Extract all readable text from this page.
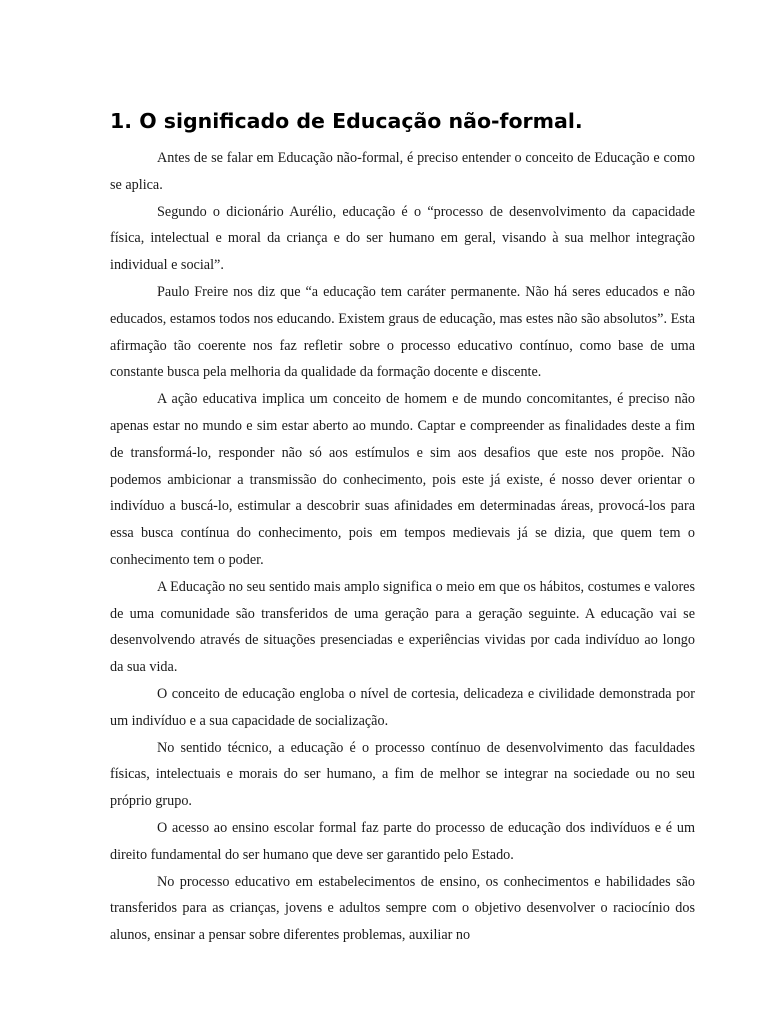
1. O significado de Educação não-formal.

Antes de se falar em Educação não-formal, é preciso entender o conceito de Educação e como se aplica.

Segundo o dicionário Aurélio, educação é o “processo de desenvolvimento da capacidade física, intelectual e moral da criança e do ser humano em geral, visando à sua melhor integração individual e social”.

Paulo Freire nos diz que “a educação tem caráter permanente. Não há seres educados e não educados, estamos todos nos educando. Existem graus de educação, mas estes não são absolutos”. Esta afirmação tão coerente nos faz refletir sobre o processo educativo contínuo, como base de uma constante busca pela melhoria da qualidade da formação docente e discente.

A ação educativa implica um conceito de homem e de mundo concomitantes, é preciso não apenas estar no mundo e sim estar aberto ao mundo. Captar e compreender as finalidades deste a fim de transformá-lo, responder não só aos estímulos e sim aos desafios que este nos propõe. Não podemos ambicionar a transmissão do conhecimento, pois este já existe, é nosso dever orientar o indivíduo a buscá-lo, estimular a descobrir suas afinidades em determinadas áreas, provocá-los para essa busca contínua do conhecimento, pois em tempos medievais já se dizia, que quem tem o conhecimento tem o poder.

A Educação no seu sentido mais amplo significa o meio em que os hábitos, costumes e valores de uma comunidade são transferidos de uma geração para a geração seguinte. A educação vai se desenvolvendo através de situações presenciadas e experiências vividas por cada indivíduo ao longo da sua vida.

O conceito de educação engloba o nível de cortesia, delicadeza e civilidade demonstrada por um indivíduo e a sua capacidade de socialização.

No sentido técnico, a educação é o processo contínuo de desenvolvimento das faculdades físicas, intelectuais e morais do ser humano, a fim de melhor se integrar na sociedade ou no seu próprio grupo.

O acesso ao ensino escolar formal faz parte do processo de educação dos indivíduos e é um direito fundamental do ser humano que deve ser garantido pelo Estado.

No processo educativo em estabelecimentos de ensino, os conhecimentos e habilidades são transferidos para as crianças, jovens e adultos sempre com o objetivo desenvolver o raciocínio dos alunos, ensinar a pensar sobre diferentes problemas, auxiliar no
